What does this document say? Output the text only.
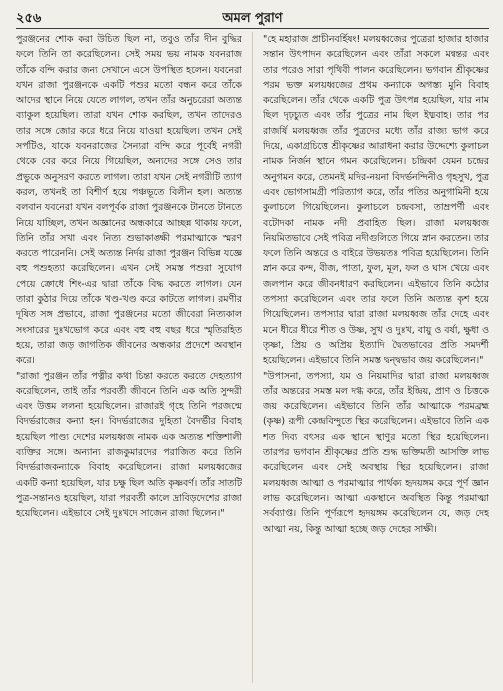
২৫৬	অমল পুরাণ

পুরঞ্জনের শোক করা উচিত ছিল না, তবুও তাঁর দীন বুদ্ধির ফলে তিনি তা করেছিলেন। সেই সময় ভয় নামক যবনরাজ তাঁকে বন্দি করার জন্য সেখানে এসে উপস্থিত হলেন। যবনেরা যখন রাজা পুরঞ্জনকে একটি পশুর মতো বন্ধন করে তাঁকে আদের স্থানে নিয়ে যেতে লাগল, তখন তাঁর অনুচরেরা অত্যন্ত ব্যাকুল হয়েছিল। তারা যখন শোক করছিল, তখন তাদেরও তার সঙ্গে জোর করে ধরে নিয়ে যাওয়া হয়েছিল। তখন সেই সর্পটিও, যাকে যবনরাজের সৈন্যরা বন্দি করে পূর্বেই নগরী থেকে বের করে নিয়ে গিয়েছিল, অন্যদের সঙ্গে সেও তার প্রভুকে অনুসরণ করতে লাগল। তারা যখন সেই নগরীটি ত্যাগ করল, তখনই তা বিশীর্ণ হয়ে পঞ্চভূতে বিলীন হল। অত্যন্ত বলবান যবনেরা যখন বলপূর্বক রাজা পুরঞ্জনকে টানতে টানতে নিয়ে যাচ্ছিল, তখন অজ্ঞানের অন্ধকারে আচ্ছন্ন থাকায় ফলে, তিনি তাঁর সখা এবং নিত্য শুভাকাঙ্ক্ষী পরমাত্মাকে স্মরণ করতে পারেননি। সেই অত্যন্ত নির্দয় রাজা পুরঞ্জন বিভিন্ন যজ্ঞে বহু পশুহত্যা করেছিলেন। এখন সেই সমস্ত পশুরা সুযোগ পেয়ে ক্রোধে শিং-এর দ্বারা তাঁকে বিদ্ধ করতে লাগল। যেন তারা কুঠার দিয়ে তাঁকে খণ্ড-খণ্ড করে কাটতে লাগল। রমণীর দূষিত সঙ্গ প্রভাবে, রাজা পুরঞ্জনের মতো জীবেরা নিত্যকাল সংসারের দুঃখভোগ করে এবং বহু বহু বছর ধরে স্মৃতিরহিত হয়ে, তারা জড় জাগতিক জীবনের অন্ধকার প্রদেশে অবস্থান করে।

"রাজা পুরঞ্জন তাঁর পত্নীর কথা চিন্তা করতে করতে দেহত্যাগ করেছিলেন, তাই তাঁর পরবর্তী জীবনে তিনি এক অতি সুন্দরী এবং উত্তম ললনা হয়েছিলেন। রাজারই গৃহে তিনি পরজন্মে বিদর্ভরাজের কন্যা হন। বিদর্ভরাজের দুহিতা বৈদর্ভীর বিবাহ হয়েছিল পাণ্ড্য দেশের মলয়ধ্বজ নামক এক অত্যন্ত শক্তিশালী ব্যক্তির সঙ্গে। অন্যান্য রাজকুমারদের পরাজিত করে তিনি বিদর্ভরাজকন্যাকে বিবাহ করেছিলেন। রাজা মলয়ধ্বজের একটি কন্যা হয়েছিল, যার চক্ষু ছিল অতি কৃষ্ণবর্ণ। তাঁর সাতটি পুত্র-সন্তানও হয়েছিল, যারা পরবর্তী কালে দ্রাবিড়দেশের রাজা হয়েছিলেন। এইভাবে সেই দুঃখদে সাজেন রাজা ছিলেন।"

"হে মহারাজ প্রাচীনবর্হিষং! মলয়ধ্বজের পুত্রেরা হাজার হাজার সন্তান উৎপাদন করেছিলেন এবং তাঁরা সকলে মন্বন্তর এবং তার পরেও সারা পৃথিবী পালন করেছিলেন। ভগবান শ্রীকৃষ্ণের পরম ভক্ত মলয়ধ্বজের প্রথম কন্যাকে অগস্ত্য মুনি বিবাহ করেছিলেন। তাঁর থেকে একটি পুত্র উৎপন্ন হয়েছিল, যার নাম ছিল দৃঢ়চ্যুত এবং তাঁর পুত্রের নাম ছিল ইধ্মবাহ। তার পর রাজর্ষি মলয়ধ্বজ তাঁর পুত্রদের মধ্যে তাঁর রাজ্য ভাগ করে দিয়ে, একাগ্রচিত্তে শ্রীকৃষ্ণের আরাধনা করার উদ্দেশ্যে কুলাচল নামক নির্জন স্থানে গমন করেছিলেন। চন্দ্রিকা যেমন চন্দ্রের অনুগমন করে, তেমনই মদির-নয়না বিদর্ভনন্দিনীও গৃহসুখ, পুত্র এবং ভোগসামগ্রী পরিত্যাগ করে, তাঁর পতির অনুগামিনী হয়ে কুলাচলে গিয়েছিলেন। কুলাচলে চন্দ্রবসা, তাম্রপর্ণী এবং বটোদকা নামক নদী প্রবাহিত ছিল। রাজা মলয়ধ্বজ নিয়মিতভাবে সেই পবিত্র নদীগুলিতে গিয়ে স্নান করতেন। তার ফলে তিনি অন্তরে ও বাইরে উভয়তঃ পবিত্র হয়েছিলেন। তিনি স্নান করে কন্দ, বীজ, পাতা, ফুল, মূল, ফল ও ঘাস খেয়ে এবং জলপান করে জীবনধারণ করছিলেন। এইভাবে তিনি কঠোর তপস্যা করেছিলেন এবং তার ফলে তিনি অত্যন্ত কৃশ হয়ে গিয়েছিলেন। তপস্যার দ্বারা রাজা মলয়ধ্বজ তাঁর দেহে এবং মনে ধীরে ধীরে শীত ও উষ্ণ, সুখ ও দুঃখ, বায়ু ও বর্ষা, ক্ষুধা ও তৃষ্ণা, প্রিয় ও অপ্রিয় ইত্যাদি দ্বৈতভাবের প্রতি সমদর্শী হয়েছিলেন। এইভাবে তিনি সমস্ত দ্বন্দ্বভাব জয় করেছিলেন।"

"উপাসনা, তপস্যা, যম ও নিয়মাদির দ্বারা রাজা মলয়ধ্বজ তাঁর অন্তরের সমস্ত মল দগ্ধ করে, তাঁর ইন্দ্রিয়, প্রাণ ও চিত্তকে জয় করেছিলেন। এইভাবে তিনি তাঁর আত্মাকে পরমব্রহ্ম (কৃষ্ণ) রূপী কেন্দ্রবিন্দুতে স্থির করেছিলেন। এইভাবে তিনি এক শত দিব্য বৎসর এক স্থানে স্থাণুর মতো স্থির হয়েছিলেন। তারপর ভগবান শ্রীকৃষ্ণের প্রতি শুদ্ধ ভক্তিমতী আসক্তি লাভ করেছিলেন এবং সেই অবস্থায় স্থির হয়েছিলেন। রাজা মলয়ধ্বজ আত্মা ও পরমাত্মার পার্থক্য হৃদয়ঙ্গম করে পূর্ণ জ্ঞান লাভ করেছিলেন। আত্মা একস্থানে অবস্থিত কিন্তু পরমাত্মা সর্বব্যাপ্ত। তিনি পূর্ণরূপে হৃদয়ঙ্গম করেছিলেন যে, জড় দেহ আত্মা নয়, কিন্তু আত্মা হচ্ছে জড় দেহের সাক্ষী।
